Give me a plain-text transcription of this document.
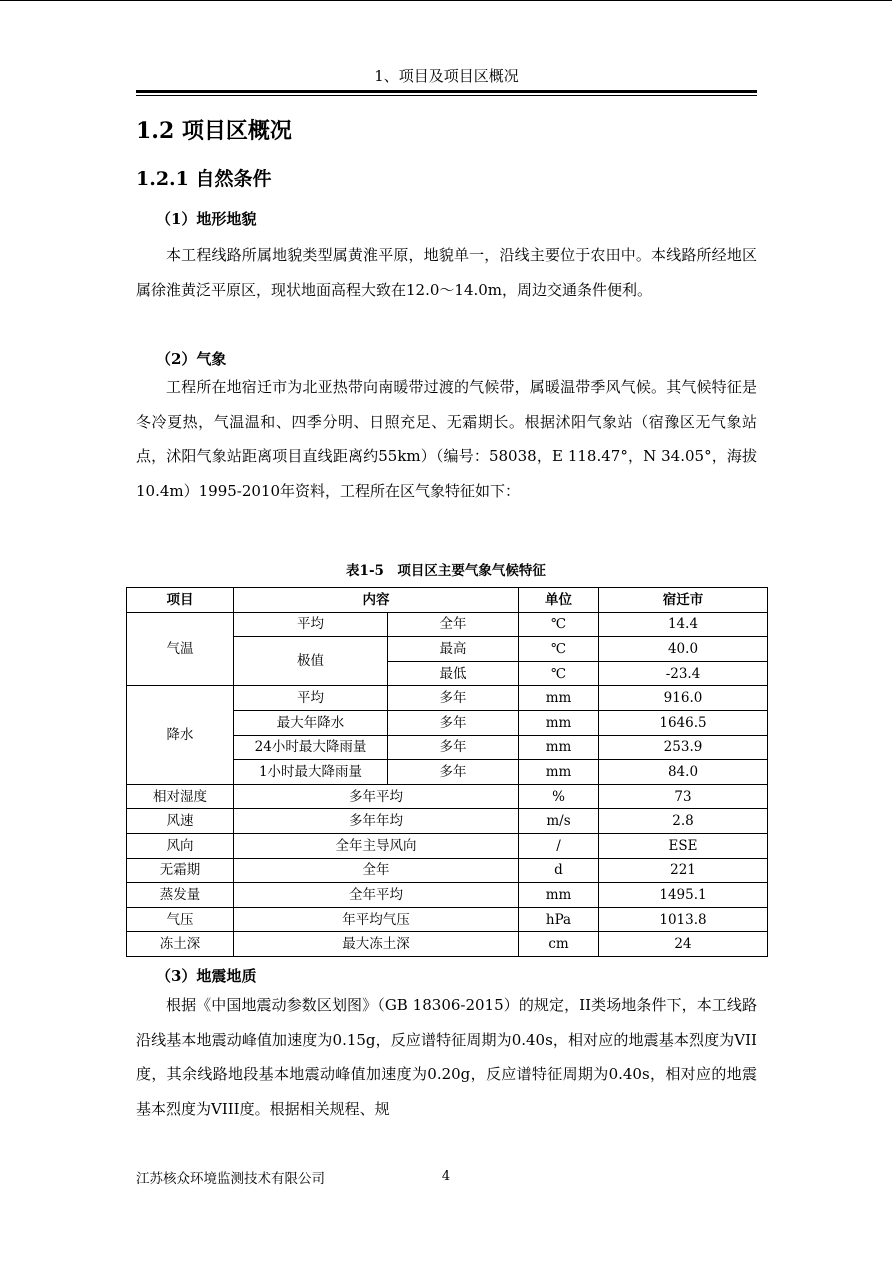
1、项目及项目区概况
1.2 项目区概况
1.2.1 自然条件
（1）地形地貌

本工程线路所属地貌类型属黄淮平原，地貌单一，沿线主要位于农田中。本线路所经地区属徐淮黄泛平原区，现状地面高程大致在12.0～14.0m，周边交通条件便利。

（2）气象

工程所在地宿迁市为北亚热带向南暖带过渡的气候带，属暖温带季风气候。其气候特征是冬冷夏热，气温温和、四季分明、日照充足、无霜期长。根据沭阳气象站（宿豫区无气象站点，沭阳气象站距离项目直线距离约55km）（编号：58038，E 118.47°，N 34.05°，海拔10.4m）1995-2010年资料，工程所在区气象特征如下：

表1-5　项目区主要气象气候特征
项目	内容		单位	宿迁市
气温	平均	全年	℃	14.4
	极值	最高	℃	40.0
		最低	℃	-23.4
降水	平均	多年	mm	916.0
	最大年降水	多年	mm	1646.5
	24小时最大降雨量	多年	mm	253.9
	1小时最大降雨量	多年	mm	84.0
相对湿度	多年平均		%	73
风速	多年年均		m/s	2.8
风向	全年主导风向		/	ESE
无霜期	全年		d	221
蒸发量	全年平均		mm	1495.1
气压	年平均气压		hPa	1013.8
冻土深	最大冻土深		cm	24
（3）地震地质

根据《中国地震动参数区划图》（GB 18306-2015）的规定，II类场地条件下，本工线路沿线基本地震动峰值加速度为0.15g，反应谱特征周期为0.40s，相对应的地震基本烈度为VII度，其余线路地段基本地震动峰值加速度为0.20g，反应谱特征周期为0.40s，相对应的地震基本烈度为VIII度。根据相关规程、规

江苏核众环境监测技术有限公司	4
